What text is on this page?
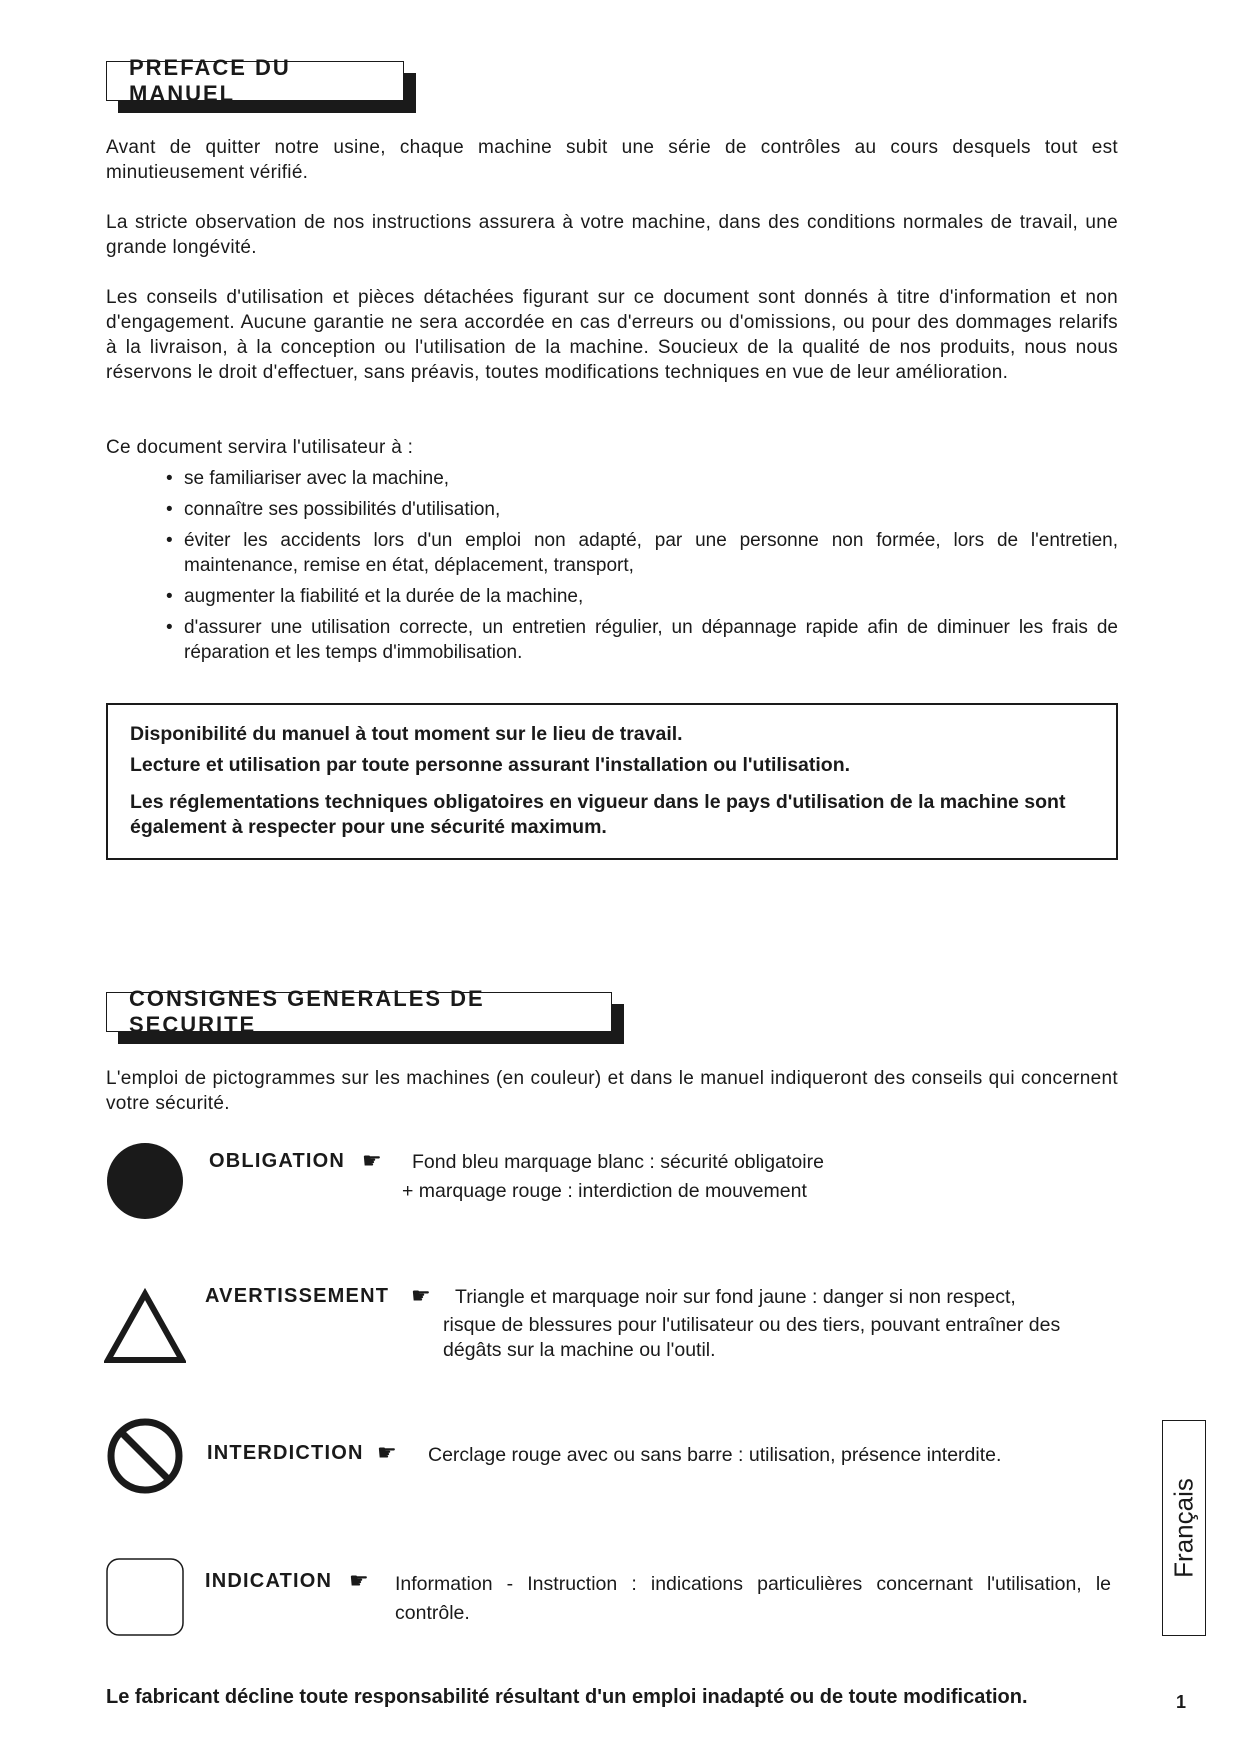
PREFACE DU MANUEL

Avant de quitter notre usine, chaque machine subit une série de contrôles au cours desquels tout est minutieusement vérifié.

La stricte observation de nos instructions assurera à votre machine, dans des conditions normales de travail, une grande longévité.

Les conseils d'utilisation et pièces détachées figurant sur ce document sont donnés à titre d'information et non d'engagement. Aucune garantie ne sera accordée en cas d'erreurs ou d'omissions, ou pour des dommages relarifs à la livraison, à la conception ou l'utilisation de la machine. Soucieux de la qualité de nos produits, nous nous réservons le droit d'effectuer, sans préavis, toutes modifications techniques en vue de leur amélioration.

Ce document servira l'utilisateur à :

• se familiariser avec la machine,
• connaître ses possibilités d'utilisation,
• éviter les accidents lors d'un emploi non adapté, par une personne non formée, lors de l'entretien, maintenance, remise en état, déplacement, transport,
• augmenter la fiabilité et la durée de la machine,
• d'assurer une utilisation correcte, un entretien régulier, un dépannage rapide afin de diminuer les frais de réparation et les temps d'immobilisation.

Disponibilité du manuel à tout moment sur le lieu de travail.

Lecture et utilisation par toute personne assurant l'installation ou l'utilisation.

Les réglementations techniques obligatoires en vigueur dans le pays d'utilisation de la machine sont également à respecter pour une sécurité maximum.

CONSIGNES GENERALES DE SECURITE

L'emploi de pictogrammes sur les machines (en couleur) et dans le manuel indiqueront des conseils qui concernent votre sécurité.

OBLIGATION ☛ Fond bleu marquage blanc : sécurité obligatoire
+ marquage rouge : interdiction de mouvement
AVERTISSEMENT ☛ Triangle et marquage noir sur fond jaune : danger si non respect,
risque de blessures pour l'utilisateur ou des tiers, pouvant entraîner des dégâts sur la machine ou l'outil.
INTERDICTION ☛ Cerclage rouge avec ou sans barre : utilisation, présence interdite.
INDICATION ☛ Information - Instruction : indications particulières concernant l'utilisation, le contrôle.
Français
Le fabricant décline toute responsabilité résultant d'un emploi inadapté ou de toute modification.	1
